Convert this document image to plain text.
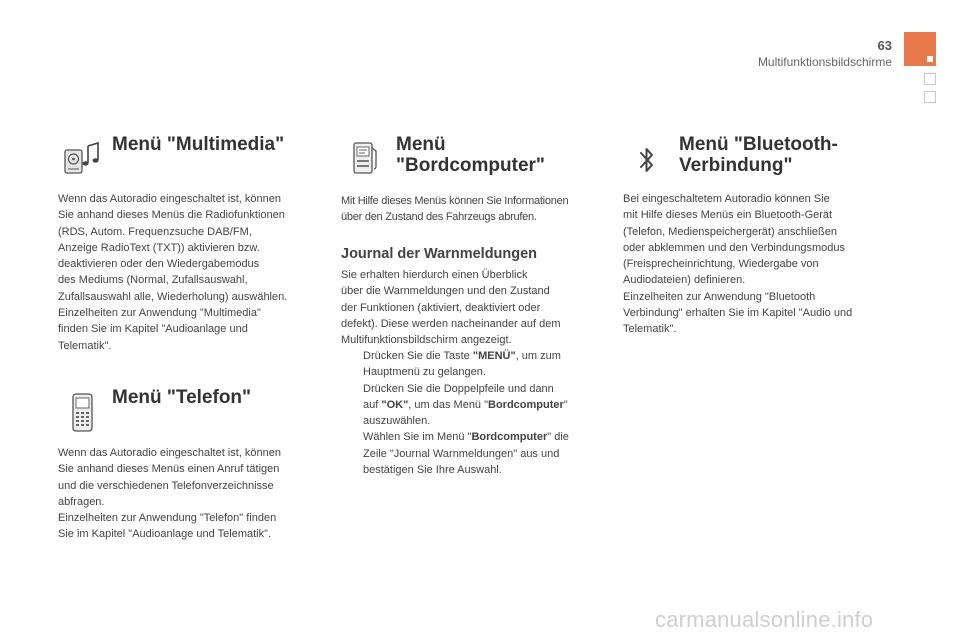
63
Multifunktionsbildschirme
Menü "Multimedia"
Wenn das Autoradio eingeschaltet ist, können
Sie anhand dieses Menüs die Radiofunktionen
(RDS, Autom. Frequenzsuche DAB/FM,
Anzeige RadioText (TXT)) aktivieren bzw.
deaktivieren oder den Wiedergabemodus
des Mediums (Normal, Zufallsauswahl,
Zufallsauswahl alle, Wiederholung) auswählen.
Einzelheiten zur Anwendung "Multimedia"
finden Sie im Kapitel "Audioanlage und
Telematik".
Menü "Telefon"
Wenn das Autoradio eingeschaltet ist, können
Sie anhand dieses Menüs einen Anruf tätigen
und die verschiedenen Telefonverzeichnisse
abfragen.
Einzelheiten zur Anwendung "Telefon" finden
Sie im Kapitel "Audioanlage und Telematik".
Menü
"Bordcomputer"
Mit Hilfe dieses Menüs können Sie Informationen
über den Zustand des Fahrzeugs abrufen.
Journal der Warnmeldungen
Sie erhalten hierdurch einen Überblick
über die Warnmeldungen und den Zustand
der Funktionen (aktiviert, deaktiviert oder
defekt). Diese werden nacheinander auf dem
Multifunktionsbildschirm angezeigt.
Drücken Sie die Taste "MENÜ", um zum
Hauptmenü zu gelangen.
Drücken Sie die Doppelpfeile und dann
auf "OK", um das Menü "Bordcomputer"
auszuwählen.
Wählen Sie im Menü "Bordcomputer" die
Zeile "Journal Warnmeldungen" aus und
bestätigen Sie Ihre Auswahl.
Menü "Bluetooth-
Verbindung"
Bei eingeschaltetem Autoradio können Sie
mit Hilfe dieses Menüs ein Bluetooth-Gerät
(Telefon, Medienspeichergerät) anschließen
oder abklemmen und den Verbindungsmodus
(Freisprecheinrichtung, Wiedergabe von
Audiodateien) definieren.
Einzelheiten zur Anwendung "Bluetooth
Verbindung" erhalten Sie im Kapitel "Audio und
Telematik".
carmanualsonline.info
